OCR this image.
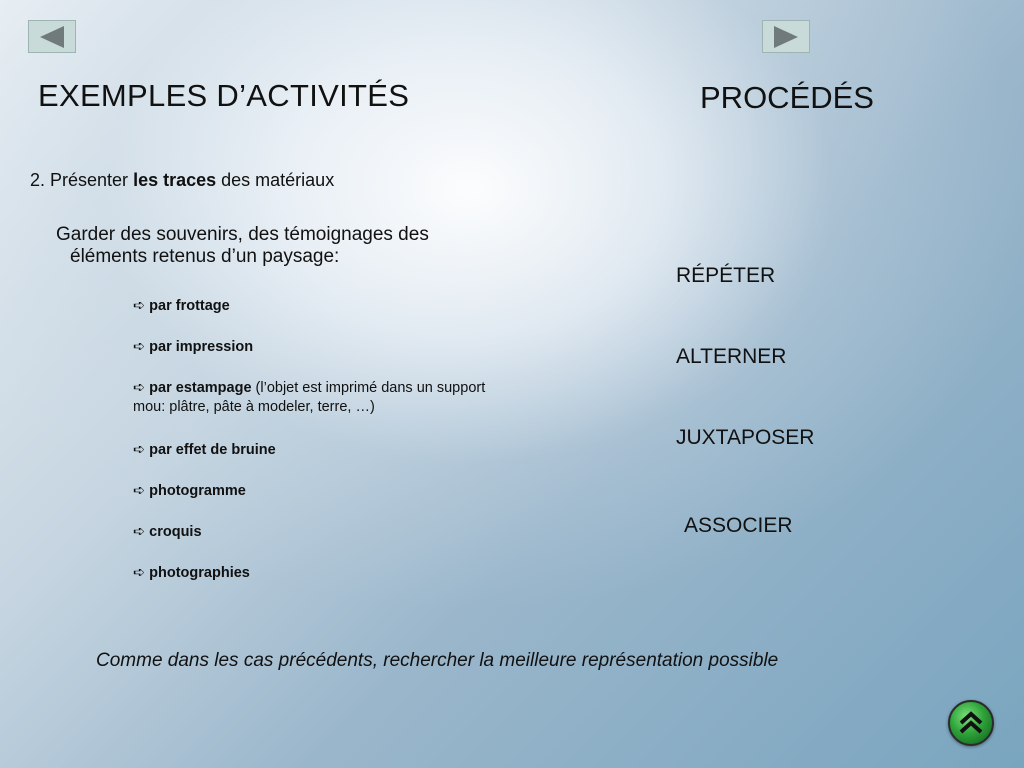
EXEMPLES D’ACTIVITÉS	PROCÉDÉS
2. Présenter les traces des matériaux
Garder des souvenirs, des témoignages des
éléments retenus d’un paysage:
➪ par frottage
➪ par impression
➪ par estampage (l’objet est imprimé dans un support
mou: plâtre, pâte à modeler, terre, …)
➪ par effet de bruine
➪ photogramme
➪ croquis
➪ photographies
RÉPÉTER
ALTERNER
JUXTAPOSER
ASSOCIER
Comme dans les cas précédents, rechercher la meilleure représentation possible
